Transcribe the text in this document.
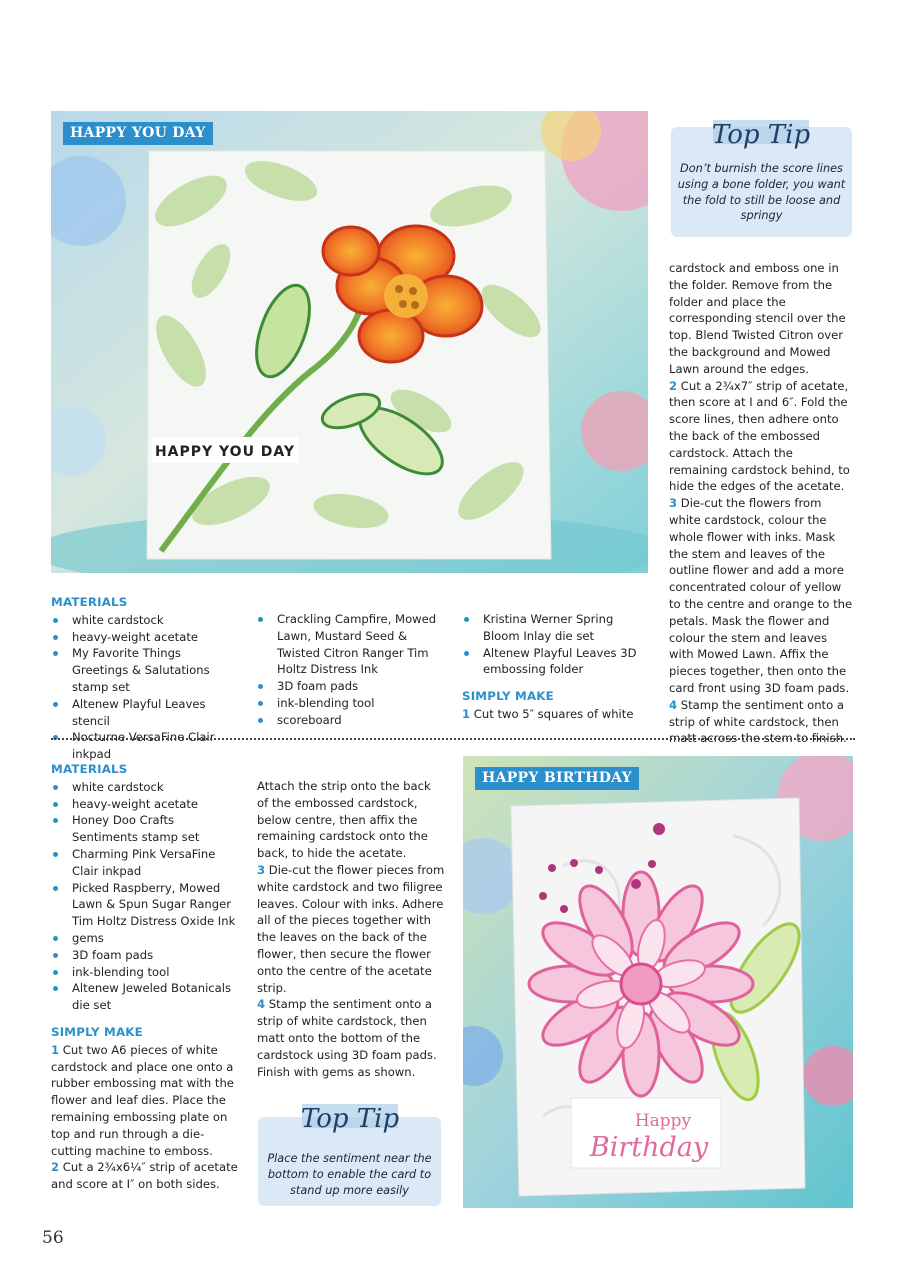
HAPPY YOU DAY
HAPPY YOU DAY	Top Tip
Don’t burnish the score lines using a bone folder, you want the fold to still be loose and springy
MATERIALS
white cardstock
heavy-weight acetate
My Favorite Things Greetings & Salutations stamp set
Altenew Playful Leaves stencil
Nocturne VersaFine Clair inkpad
Crackling Campfire, Mowed Lawn, Mustard Seed & Twisted Citron Ranger Tim Holtz Distress Ink
3D foam pads
ink-blending tool
scoreboard
Kristina Werner Spring Bloom Inlay die set
Altenew Playful Leaves 3D embossing folder
SIMPLY MAKE
1 Cut two 5″ squares of white
cardstock and emboss one in the folder. Remove from the folder and place the corresponding stencil over the top. Blend Twisted Citron over the background and Mowed Lawn around the edges.
2 Cut a 2¾x7″ strip of acetate, then score at I and 6″. Fold the score lines, then adhere onto the back of the embossed cardstock. Attach the remaining cardstock behind, to hide the edges of the acetate.
3 Die-cut the flowers from white cardstock, colour the whole flower with inks. Mask the stem and leaves of the outline flower and add a more concentrated colour of yellow to the centre and orange to the petals. Mask the flower and colour the stem and leaves with Mowed Lawn. Affix the pieces together, then onto the card front using 3D foam pads.
4 Stamp the sentiment onto a strip of white cardstock, then matt across the stem to finish.
MATERIALS
white cardstock
heavy-weight acetate
Honey Doo Crafts Sentiments stamp set
Charming Pink VersaFine Clair inkpad
Picked Raspberry, Mowed Lawn & Spun Sugar Ranger Tim Holtz Distress Oxide Ink
gems
3D foam pads
ink-blending tool
Altenew Jeweled Botanicals die set
SIMPLY MAKE
1 Cut two A6 pieces of white cardstock and place one onto a rubber embossing mat with the flower and leaf dies. Place the remaining embossing plate on top and run through a die-cutting machine to emboss.
2 Cut a 2¾x6¼″ strip of acetate and score at I″ on both sides.
Attach the strip onto the back of the embossed cardstock, below centre, then affix the remaining cardstock onto the back, to hide the acetate.
3 Die-cut the flower pieces from white cardstock and two filigree leaves. Colour with inks. Adhere all of the pieces together with the leaves on the back of the flower, then secure the flower onto the centre of the acetate strip.
4 Stamp the sentiment onto a strip of white cardstock, then matt onto the bottom of the cardstock using 3D foam pads. Finish with gems as shown.
Top Tip
Place the sentiment near the bottom to enable the card to stand up more easily
Happy
Birthday
HAPPY BIRTHDAY
56
